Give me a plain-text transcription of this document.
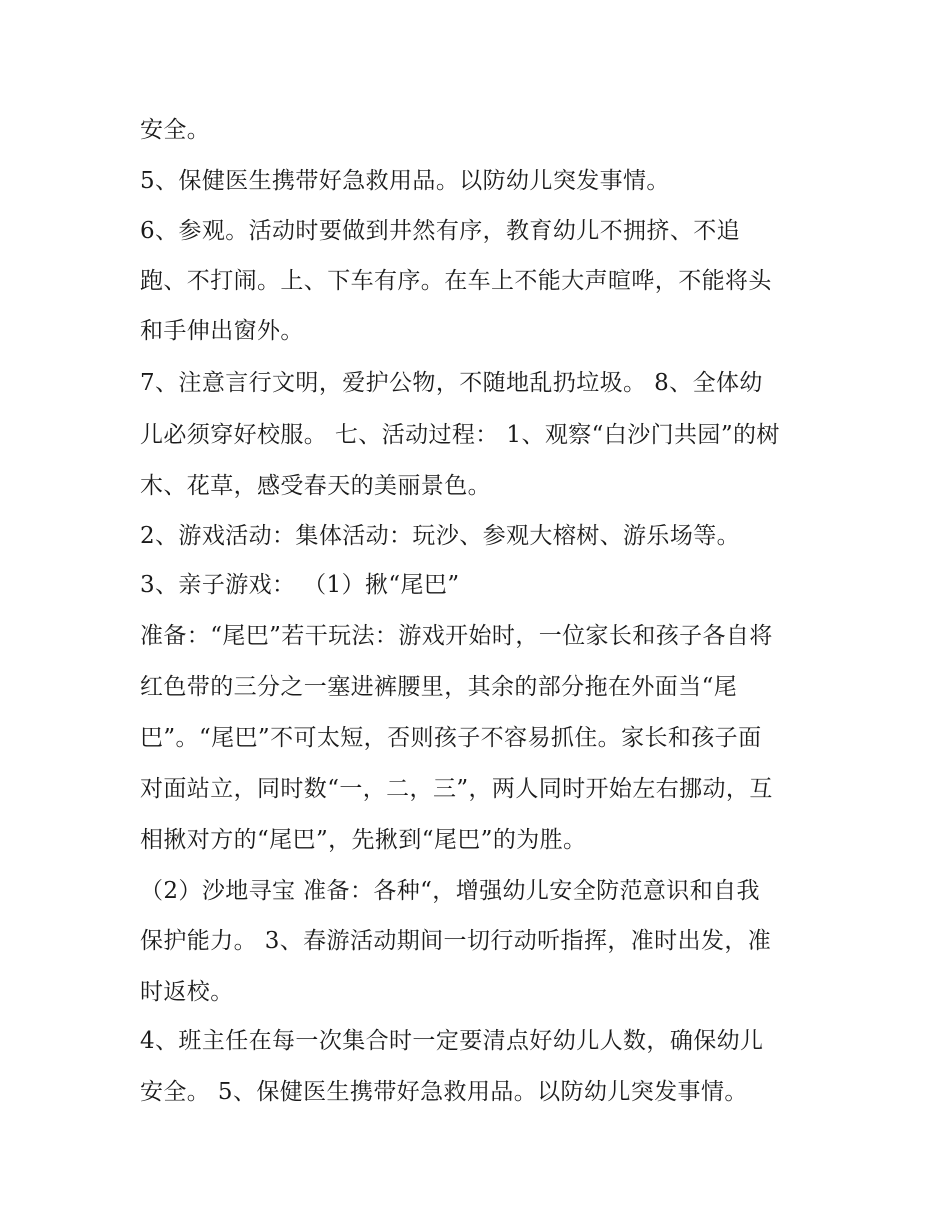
安全。
5、保健医生携带好急救用品。以防幼儿突发事情。
6、参观。活动时要做到井然有序，教育幼儿不拥挤、不追
跑、不打闹。上、下车有序。在车上不能大声暄哗，不能将头
和手伸出窗外。
7、注意言行文明，爱护公物，不随地乱扔垃圾。 8、全体幼
儿必须穿好校服。 七、活动过程： 1、观察“白沙门共园”的树
木、花草，感受春天的美丽景色。
2、游戏活动：集体活动：玩沙、参观大榕树、游乐场等。
3、亲子游戏： （1）揪“尾巴”
准备：“尾巴”若干玩法：游戏开始时，一位家长和孩子各自将
红色带的三分之一塞进裤腰里，其余的部分拖在外面当“尾
巴”。“尾巴”不可太短，否则孩子不容易抓住。家长和孩子面
对面站立，同时数“一，二，三”，两人同时开始左右挪动，互
相揪对方的“尾巴”，先揪到“尾巴”的为胜。
（2）沙地寻宝 准备：各种“，增强幼儿安全防范意识和自我
保护能力。 3、春游活动期间一切行动听指挥，准时出发，准
时返校。
4、班主任在每一次集合时一定要清点好幼儿人数，确保幼儿
安全。 5、保健医生携带好急救用品。以防幼儿突发事情。
